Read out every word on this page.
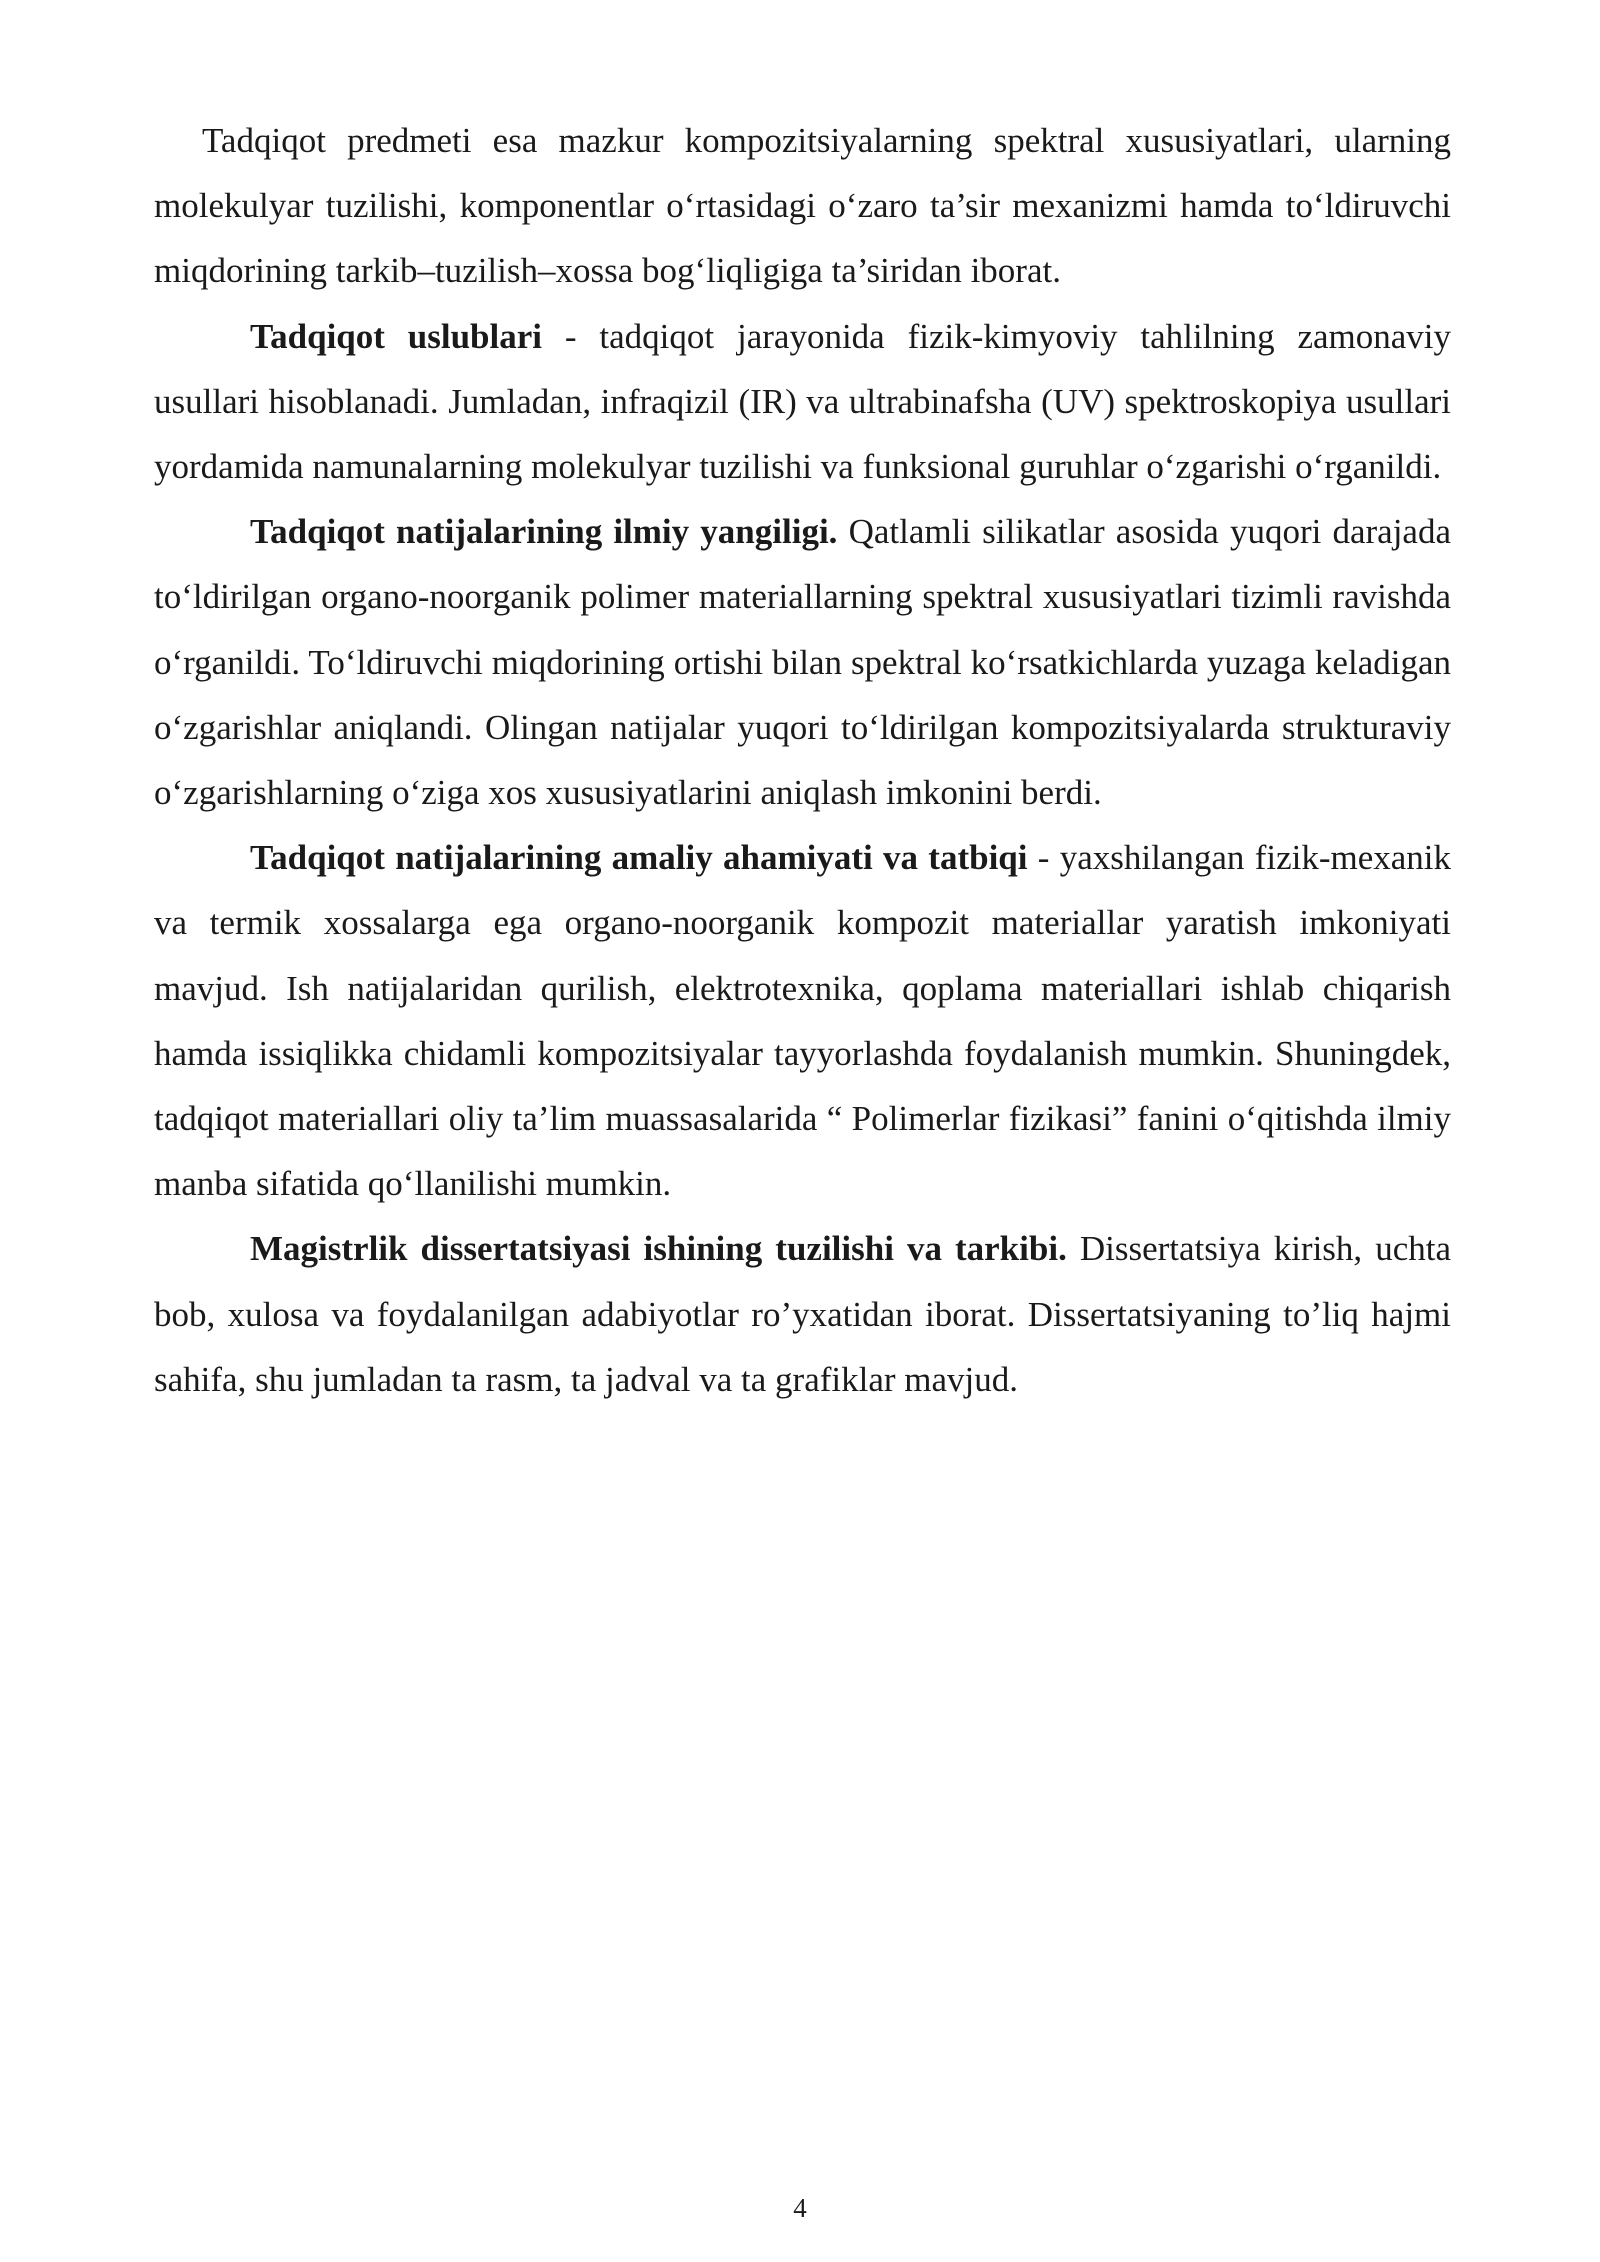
Tadqiqot predmeti esa mazkur kompozitsiyalarning spektral xususiyatlari, ularning molekulyar tuzilishi, komponentlar o‘rtasidagi o‘zaro ta’sir mexanizmi hamda to‘ldiruvchi miqdorining tarkib–tuzilish–xossa bog‘liqligiga ta’siridan iborat.

Tadqiqot uslublari - tadqiqot jarayonida fizik-kimyoviy tahlilning zamonaviy usullari hisoblanadi. Jumladan, infraqizil (IR) va ultrabinafsha (UV) spektroskopiya usullari yordamida namunalarning molekulyar tuzilishi va funksional guruhlar o‘zgarishi o‘rganildi.

Tadqiqot natijalarining ilmiy yangiligi. Qatlamli silikatlar asosida yuqori darajada to‘ldirilgan organo-noorganik polimer materiallarning spektral xususiyatlari tizimli ravishda o‘rganildi. To‘ldiruvchi miqdorining ortishi bilan spektral ko‘rsatkichlarda yuzaga keladigan o‘zgarishlar aniqlandi. Olingan natijalar yuqori to‘ldirilgan kompozitsiyalarda strukturaviy o‘zgarishlarning o‘ziga xos xususiyatlarini aniqlash imkonini berdi.

Tadqiqot natijalarining amaliy ahamiyati va tatbiqi - yaxshilangan fizik-mexanik va termik xossalarga ega organo-noorganik kompozit materiallar yaratish imkoniyati mavjud. Ish natijalaridan qurilish, elektrotexnika, qoplama materiallari ishlab chiqarish hamda issiqlikka chidamli kompozitsiyalar tayyorlashda foydalanish mumkin. Shuningdek, tadqiqot materiallari oliy ta’lim muassasalarida “ Polimerlar fizikasi” fanini o‘qitishda ilmiy manba sifatida qo‘llanilishi mumkin.

Magistrlik dissertatsiyasi ishining tuzilishi va tarkibi. Dissertatsiya kirish, uchta bob, xulosa va foydalanilgan adabiyotlar ro’yxatidan iborat. Dissertatsiyaning to’liq hajmi sahifa, shu jumladan ta rasm, ta jadval va ta grafiklar mavjud.

4
